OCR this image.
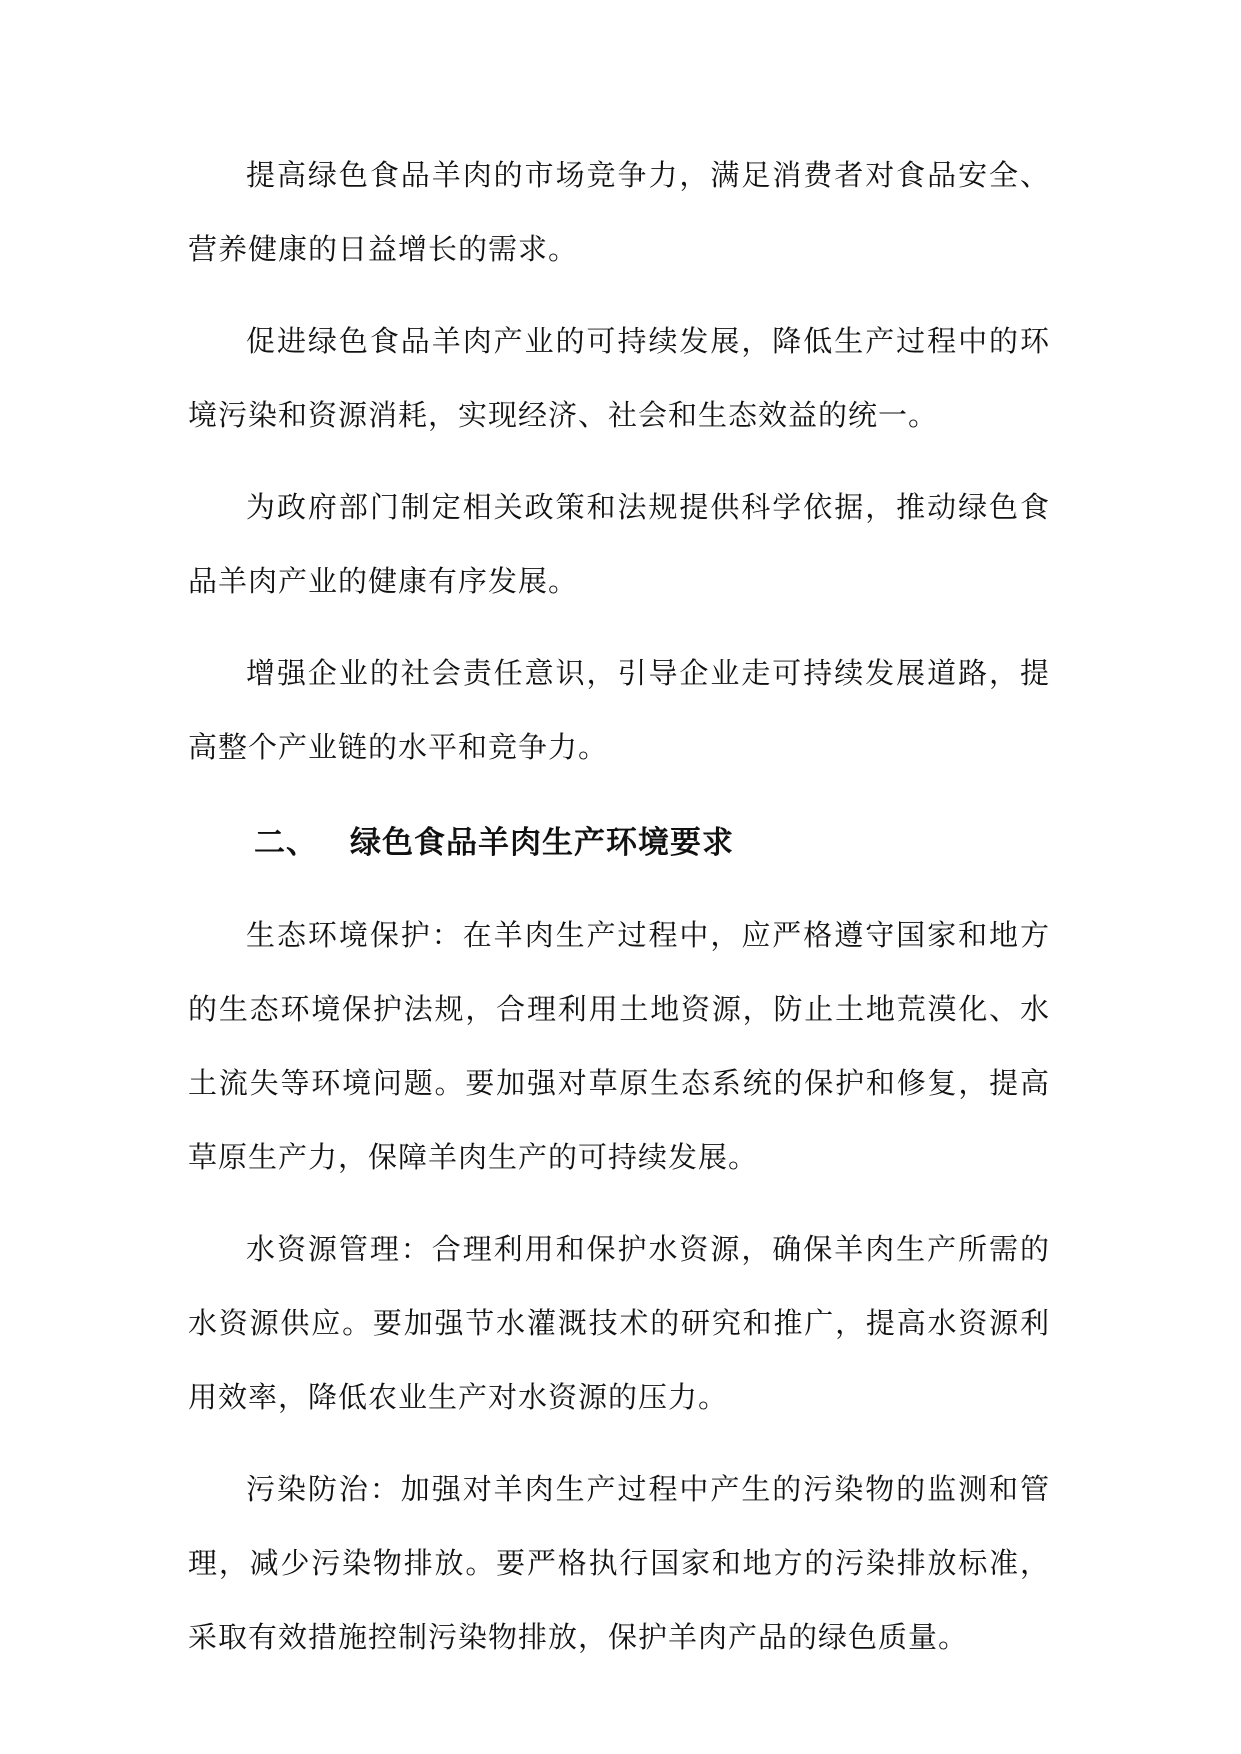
提高绿色食品羊肉的市场竞争力，满足消费者对食品安全、营养健康的日益增长的需求。

促进绿色食品羊肉产业的可持续发展，降低生产过程中的环境污染和资源消耗，实现经济、社会和生态效益的统一。

为政府部门制定相关政策和法规提供科学依据，推动绿色食品羊肉产业的健康有序发展。

增强企业的社会责任意识，引导企业走可持续发展道路，提高整个产业链的水平和竞争力。

二、 绿色食品羊肉生产环境要求

生态环境保护：在羊肉生产过程中，应严格遵守国家和地方的生态环境保护法规，合理利用土地资源，防止土地荒漠化、水土流失等环境问题。要加强对草原生态系统的保护和修复，提高草原生产力，保障羊肉生产的可持续发展。

水资源管理：合理利用和保护水资源，确保羊肉生产所需的水资源供应。要加强节水灌溉技术的研究和推广，提高水资源利用效率，降低农业生产对水资源的压力。

污染防治：加强对羊肉生产过程中产生的污染物的监测和管理，减少污染物排放。要严格执行国家和地方的污染排放标准，采取有效措施控制污染物排放，保护羊肉产品的绿色质量。
